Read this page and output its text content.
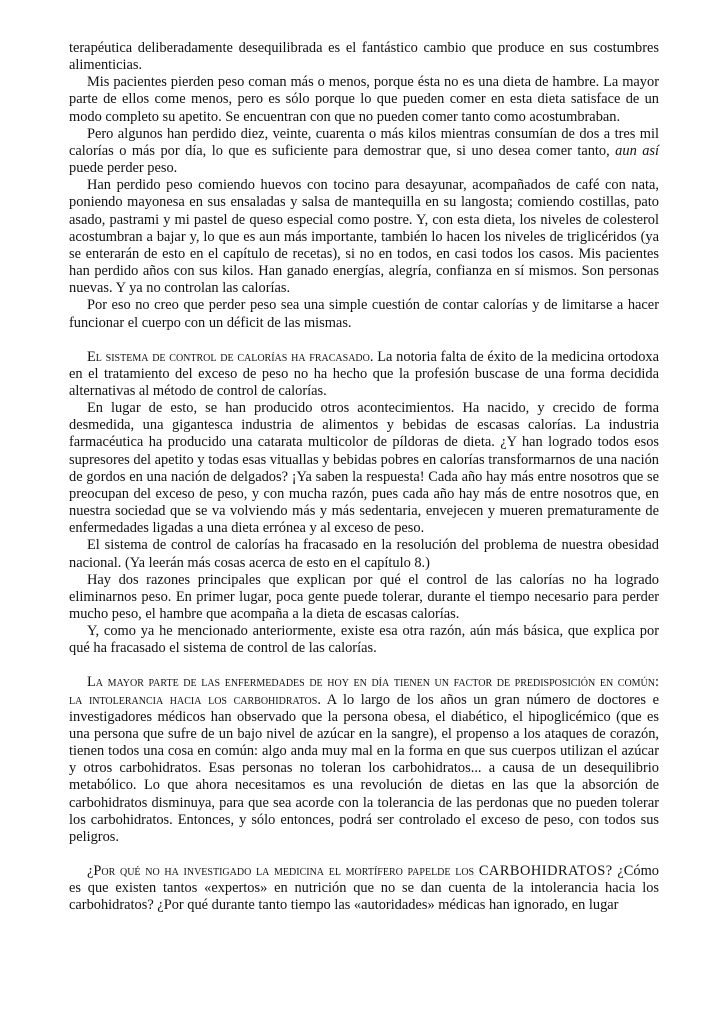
terapéutica deliberadamente desequilibrada es el fantástico cambio que produce en sus costumbres alimenticias.

Mis pacientes pierden peso coman más o menos, porque ésta no es una dieta de hambre. La mayor parte de ellos come menos, pero es sólo porque lo que pueden comer en esta dieta satisface de un modo completo su apetito. Se encuentran con que no pueden comer tanto como acostumbraban.

Pero algunos han perdido diez, veinte, cuarenta o más kilos mientras consumían de dos a tres mil calorías o más por día, lo que es suficiente para demostrar que, si uno desea comer tanto, aun así puede perder peso.

Han perdido peso comiendo huevos con tocino para desayunar, acompañados de café con nata, poniendo mayonesa en sus ensaladas y salsa de mantequilla en su langosta; comiendo costillas, pato asado, pastrami y mi pastel de queso especial como postre. Y, con esta dieta, los niveles de colesterol acostumbran a bajar y, lo que es aun más importante, también lo hacen los niveles de triglicéridos (ya se enterarán de esto en el capítulo de recetas), si no en todos, en casi todos los casos. Mis pacientes han perdido años con sus kilos. Han ganado energías, alegría, confianza en sí mismos. Son personas nuevas. Y ya no controlan las calorías.

Por eso no creo que perder peso sea una simple cuestión de contar calorías y de limitarse a hacer funcionar el cuerpo con un déficit de las mismas.

El sistema de control de calorías ha fracasado. La notoria falta de éxito de la medicina ortodoxa en el tratamiento del exceso de peso no ha hecho que la profesión buscase de una forma decidida alternativas al método de control de calorías.

En lugar de esto, se han producido otros acontecimientos. Ha nacido, y crecido de forma desmedida, una gigantesca industria de alimentos y bebidas de escasas calorías. La industria farmacéutica ha producido una catarata multicolor de píldoras de dieta. ¿Y han logrado todos esos supresores del apetito y todas esas vituallas y bebidas pobres en calorías transformarnos de una nación de gordos en una nación de delgados? ¡Ya saben la respuesta! Cada año hay más entre nosotros que se preocupan del exceso de peso, y con mucha razón, pues cada año hay más de entre nosotros que, en nuestra sociedad que se va volviendo más y más sedentaria, envejecen y mueren prematuramente de enfermedades ligadas a una dieta errónea y al exceso de peso.

El sistema de control de calorías ha fracasado en la resolución del problema de nuestra obesidad nacional. (Ya leerán más cosas acerca de esto en el capítulo 8.)

Hay dos razones principales que explican por qué el control de las calorías no ha logrado eliminarnos peso. En primer lugar, poca gente puede tolerar, durante el tiempo necesario para perder mucho peso, el hambre que acompaña a la dieta de escasas calorías.

Y, como ya he mencionado anteriormente, existe esa otra razón, aún más básica, que explica por qué ha fracasado el sistema de control de las calorías.

La mayor parte de las enfermedades de hoy en día tienen un factor de predisposición en común: la intolerancia hacia los carbohidratos. A lo largo de los años un gran número de doctores e investigadores médicos han observado que la persona obesa, el diabético, el hipoglicémico (que es una persona que sufre de un bajo nivel de azúcar en la sangre), el propenso a los ataques de corazón, tienen todos una cosa en común: algo anda muy mal en la forma en que sus cuerpos utilizan el azúcar y otros carbohidratos. Esas personas no toleran los carbohidratos... a causa de un desequilibrio metabólico. Lo que ahora necesitamos es una revolución de dietas en las que la absorción de carbohidratos disminuya, para que sea acorde con la tolerancia de las perdonas que no pueden tolerar los carbohidratos. Entonces, y sólo entonces, podrá ser controlado el exceso de peso, con todos sus peligros.

¿Por qué no ha investigado la medicina el mortífero papelde los CARBOHIDRATOS? ¿Cómo es que existen tantos «expertos» en nutrición que no se dan cuenta de la intolerancia hacia los carbohidratos? ¿Por qué durante tanto tiempo las «autoridades» médicas han ignorado, en lugar
